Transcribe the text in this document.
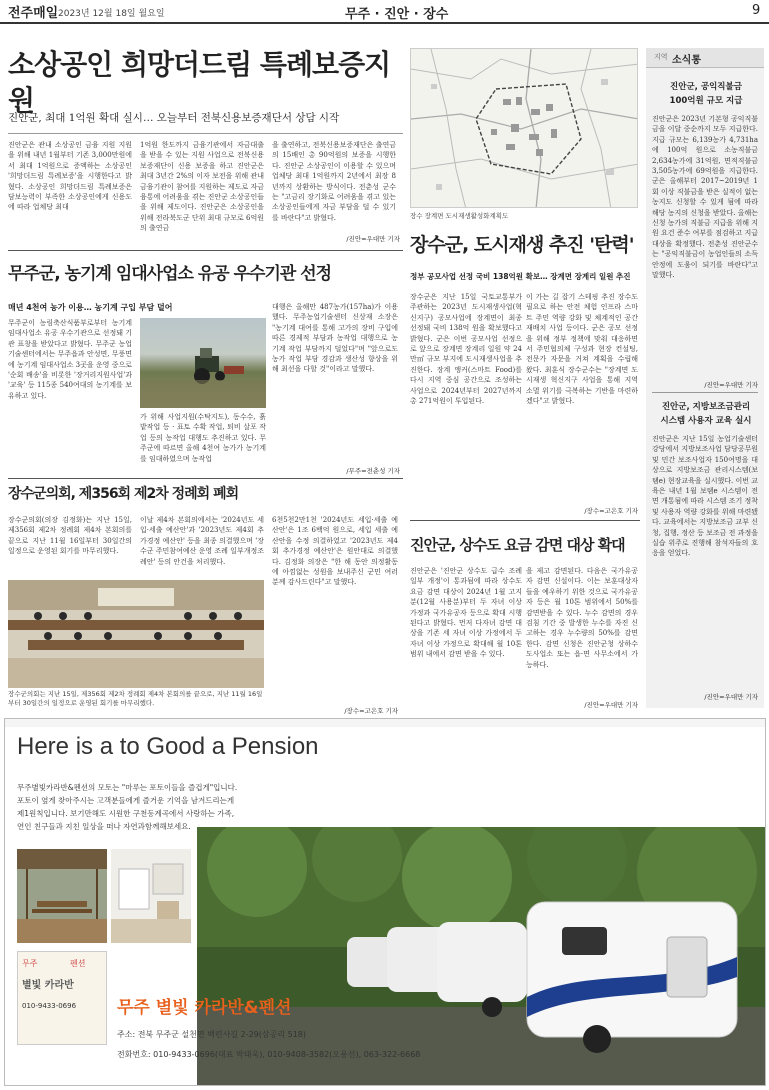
전주매일 2023년 12월 18일 월요일	무주 · 진안 · 장수	9
소상공인 희망더드림 특례보증지원
진안군, 최대 1억원 확대 실시… 오늘부터 전북신용보증재단서 상담 시작
진안군은 관내 소상공인 금융 지원 지원을 위해 내년 1월부터 기존 3,000만원에서 최대 1억원으로 증액하는 소상공인 '희망더드림 특례보증'을 시행한다고 밝혔다. 소상공인 희망더드림 특례보증은 담보능력이 부족한 소상공인에게 신용도에 따라 업체당 최대
1억원 한도까지 금융기관에서 자금대출을 받을 수 있는 지원 사업으로 전북신용보증재단이 신용 보증을 하고 진안군은 최대 3년간 2%의 이자 보전을 위해 관내 금융기관이 참여를 지원하는 제도로 자금 융통에 어려움을 겪는 진안군 소상공인들을 위해 제도이다. 진안군은 소상공인을 위해 전라북도군 단위 최대 규모로 6억원의 출연금
을 출연하고, 전북신용보증재단은 출연금의 15배인 총 90억원의 보증을 시행한다. 진안군 소상공인이 이용할 수 있으며 업체당 최대 1억원까지 2년에서 최장 8년까지 상환하는 방식이다. 전춘성 군수는 "고금리 장기화로 어려움을 겪고 있는 소상공인들에게 자금 부담을 덜 수 있기를 바란다"고 밝혔다.
/진안=우대만 기자
장수 장계면 도시재생활성화계획도
무주군, 농기계 임대사업소 유공 우수기관 선정
매년 4천여 농가 이용… 농기계 구입 부담 덜어
무주군이 농림축산식품부로부터 농기계 임대사업소 유공 우수기관으로 선정돼 기관 표창을 받았다고 밝혔다. 무주군 농업기술센터에서는 무주읍과 안성면, 무풍면에 농기계 임대사업소 3곳을 운영 중으로 '순회 배송'을 비롯한 '장거리지원사업'과 '교육' 등 115종 540여대의 농기계를 보유하고 있다.
가 위해 사업지원(수탁지도), 동수수, 흙밭작업 등 · 표토 수확 작업, 퇴비 살포 작업 등의 농작업 대행도 추진하고 있다. 무주군에 따르면 올해 4천여 농가가 농기계를 임대하였으며 농작업
대행은 올해만 487농가(157ha)가 이용했다. 무주농업기술센터 신상재 소장은 "농기계 대여를 통해 고가의 장비 구입에 따른 경제적 부담과 농작업 대행으로 농기계 작업 부담까지 덜었다"며 "앞으로도 농가 작업 부담 경감과 생산성 향상을 위해 최선을 다할 것"이라고 말했다.
/무주=전춘성 기자
장수군, 도시재생 추진 '탄력'
정부 공모사업 선정 국비 138억원 확보… 장계면 장계리 일원 추진
장수군은 지난 15일 국토교통부가 주관하는 2023년 도시재생사업(혁신지구) 공모사업에 장계면이 최종 선정돼 국비 138억 원을 확보했다고 밝혔다. 군은 이번 공모사업 선정으로 앞으로 장계면 장계리 일원 약 24만㎡ 규모 부지에 도시재생사업을 추진한다. 장계 앵커(스마트 Food)를 다시 지역 중심 공간으로 조성하는 사업으로 2024년부터 2027년까지 총 271억원이 투입된다.
이 가는 길 잡기 스테핑 추진 장수도 필요로 하는 안전 체험 인프라 스마트 주민 역량 강화 및 체계적인 공간 재배치 사업 등이다. 군은 공모 선정을 위해 정부 정책에 맞춰 대응하면서 주민협의체 구성과 현장 컨설팅, 전문가 자문을 거쳐 계획을 수립해 왔다. 최훈식 장수군수는 "장계면 도시재생 혁신지구 사업을 통해 지역 소멸 위기를 극복하는 기반을 마련하겠다"고 밝혔다.
/장수=고은호 기자
장수군의회, 제356회 제2차 정례회 폐회
장수군의회(의장 김정화)는 지난 15일, 제356회 제2차 정례회 제4차 본회의를 끝으로 지난 11월 16일부터 30일간의 일정으로 운영된 회기를 마무리했다.
이날 제4차 본회의에서는 '2024년도 세입·세출 예산안'과 '2023년도 제4회 추가경정 예산안' 등을 최종 의결했으며 '장수군 주민참여예산 운영 조례 일부개정조례안' 등의 안건을 처리했다.
6천5천2만1천 '2024년도 세입·세출 예산안'은 1조 6백억 원으로, 세입 세출 예산안을 수정 의결하였고 '2023년도 제4회 추가경정 예산안'은 원안대로 의결했다. 김정화 의장은 "한 해 동안 의정활동에 아낌없는 성원을 보내주신 군민 여러분께 감사드린다"고 말했다.
장수군의회는 지난 15일, 제356회 제2차 정례회 제4차 본회의를 끝으로, 지난 11월 16일부터 30일간의 일정으로 운영된 회기를 마무리했다.
/장수=고은호 기자
진안군, 상수도 요금 감면 대상 확대
진안군은 '진안군 상수도 급수 조례 일부 개정'이 통과됨에 따라 상수도 요금 감면 대상이 2024년 1월 고지분(12월 사용분)부터 두 자녀 이상 가정과 국가유공자 등으로 확대 시행된다고 밝혔다. 먼저 다자녀 감면 대상을 기존 세 자녀 이상 가정에서 두 자녀 이상 가정으로 확대해 월 10톤 범위 내에서 감면 받을 수 있다.
을 제고 감면된다. 다음은 국가유공자 감면 신설이다. 이는 보훈대상자들을 예우하기 위한 것으로 국가유공자 등은 월 10톤 범위에서 50%를 감면받을 수 있다. 누수 감면의 경우 검침 기간 중 발생한 누수를 자진 신고하는 경우 누수량의 50%를 감면한다. 감면 신청은 진안군청 상하수도사업소 또는 읍·면 사무소에서 가능하다.
/진안=우대만 기자
지역 소식통
진안군, 공익직불금
100억원 규모 지급
진안군은 2023년 기본형 공익직불금을 이달 중순까지 모두 지급한다. 지급 규모는 6,139농가 4,731ha에 100억 원으로 소농직불금 2,634농가에 31억원, 면적직불금 3,505농가에 69억원을 지급한다. 군은 올해부터 2017~2019년 1회 이상 직불금을 받은 실적이 없는 농지도 신청할 수 있게 됨에 따라 해당 농지의 신청을 받았다. 올해는 신청 농가의 직불금 지급을 위해 지원 요건 준수 여부를 점검하고 지급 대상을 확정했다. 전춘성 진안군수는 "공익직불금이 농업인들의 소득 안정에 도움이 되기를 바란다"고 말했다.
/진안=우대만 기자
진안군, 지방보조금관리
시스템 사용자 교육 실시
진안군은 지난 15일 농업기술센터 강당에서 지방보조사업 담당공무원 및 민간 보조사업자 150여명을 대상으로 지방보조금 관리시스템(보탬e) 현장교육을 실시했다. 이번 교육은 내년 1월 보탬e 시스템이 전면 개통됨에 따라 시스템 조기 정착 및 사용자 역량 강화를 위해 마련됐다. 교육에서는 지방보조금 교부 신청, 집행, 정산 등 보조금 전 과정을 실습 위주로 진행해 참석자들의 호응을 얻었다.
/진안=우대만 기자
Here is a to Good a Pension
무주별빛카라반&펜션의 모토는 "마루는 포토이들을 즐겁게"입니다.
포토이 옆게 찾아주시는 고객분들에게 즐거운 기억을 남겨드리는게
제1원칙입니다. 보기만해도 시원한 구천동계곡에서 사랑하는 가족,
연인 친구들과 지친 일상을 떠나 자연과함께해보세요.
무주
별빛 카라반
펜션
010-9433-0696 무주 별빛 카라반&펜션
주소: 전북 무주군 설천면 백련사길 2-29(삼공리 518)
전화번호: 010-9433-0696(대표 박태욱), 010-9408-3582(오용선), 063-322-6668
